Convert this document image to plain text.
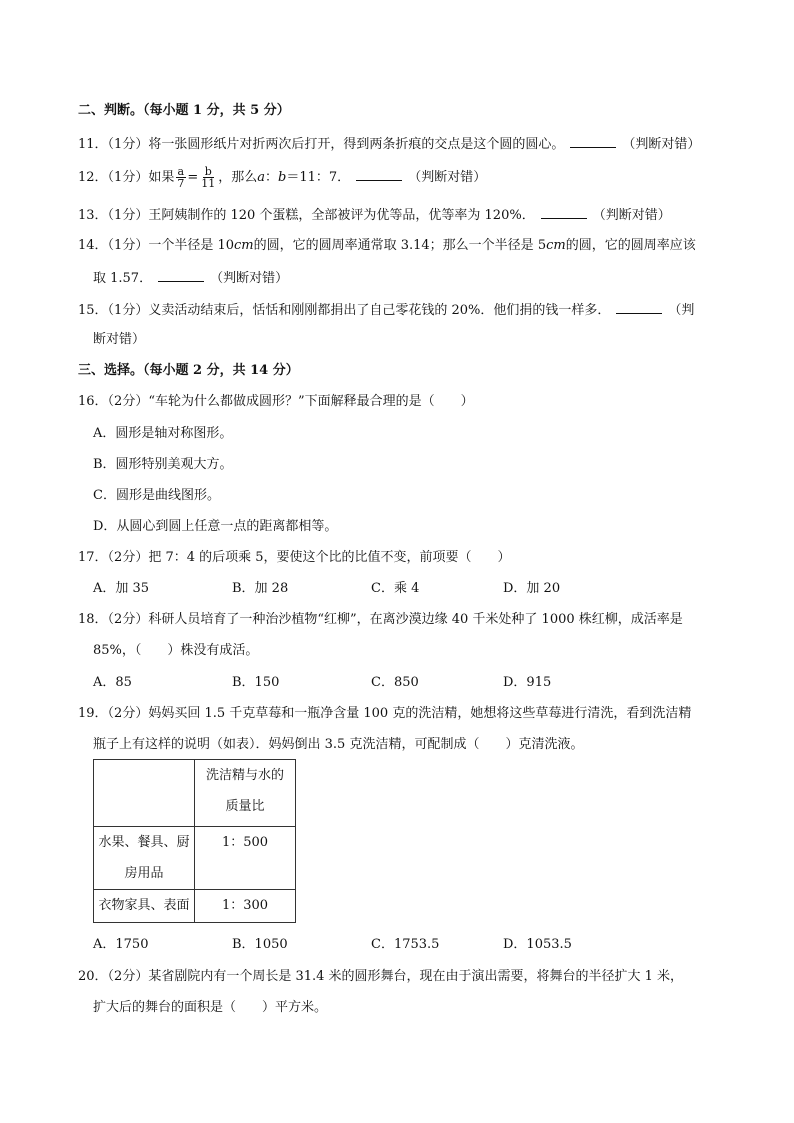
二、判断。（每小题 1 分，共 5 分）
11．（1分）将一张圆形纸片对折两次后打开，得到两条折痕的交点是这个圆的圆心。	（判断对错）
12．（1分）如果 $\frac{a}{7} = \frac{b}{11}$ ，那么a：b＝11：7．	（判断对错）
13．（1分）王阿姨制作的 120 个蛋糕，全部被评为优等品，优等率为 120%．	（判断对错）
14．（1分）一个半径是 10cm的圆，它的圆周率通常取 3.14；那么一个半径是 5cm的圆，它的圆周率应该
取 1.57．	（判断对错）
15．（1分）义卖活动结束后，恬恬和刚刚都捐出了自己零花钱的 20%．他们捐的钱一样多．	（判
断对错）
三、选择。（每小题 2 分，共 14 分）
16．（2分）“车轮为什么都做成圆形？”下面解释最合理的是（　　）
A．圆形是轴对称图形。
B．圆形特别美观大方。
C．圆形是曲线图形。
D．从圆心到圆上任意一点的距离都相等。
17．（2分）把 7：4 的后项乘 5，要使这个比的比值不变，前项要（　　）
A．加 35	B．加 28	C．乘 4	D．加 20
18．（2分）科研人员培育了一种治沙植物“红柳”，在离沙漠边缘 40 千米处种了 1000 株红柳，成活率是
85%，（　　）株没有成活。
A．85	B．150	C．850	D．915
19．（2分）妈妈买回 1.5 千克草莓和一瓶净含量 100 克的洗洁精，她想将这些草莓进行清洗，看到洗洁精
瓶子上有这样的说明（如表）．妈妈倒出 3.5 克洗洁精，可配制成（　　）克清洗液。

	洗洁精与水的
质量比

水果、餐具、厨
房用品	1：500
衣物家具、表面	1：300
A．1750	B．1050	C．1753.5	D．1053.5
20．（2分）某省剧院内有一个周长是 31.4 米的圆形舞台，现在由于演出需要，将舞台的半径扩大 1 米，
扩大后的舞台的面积是（　　）平方米。
